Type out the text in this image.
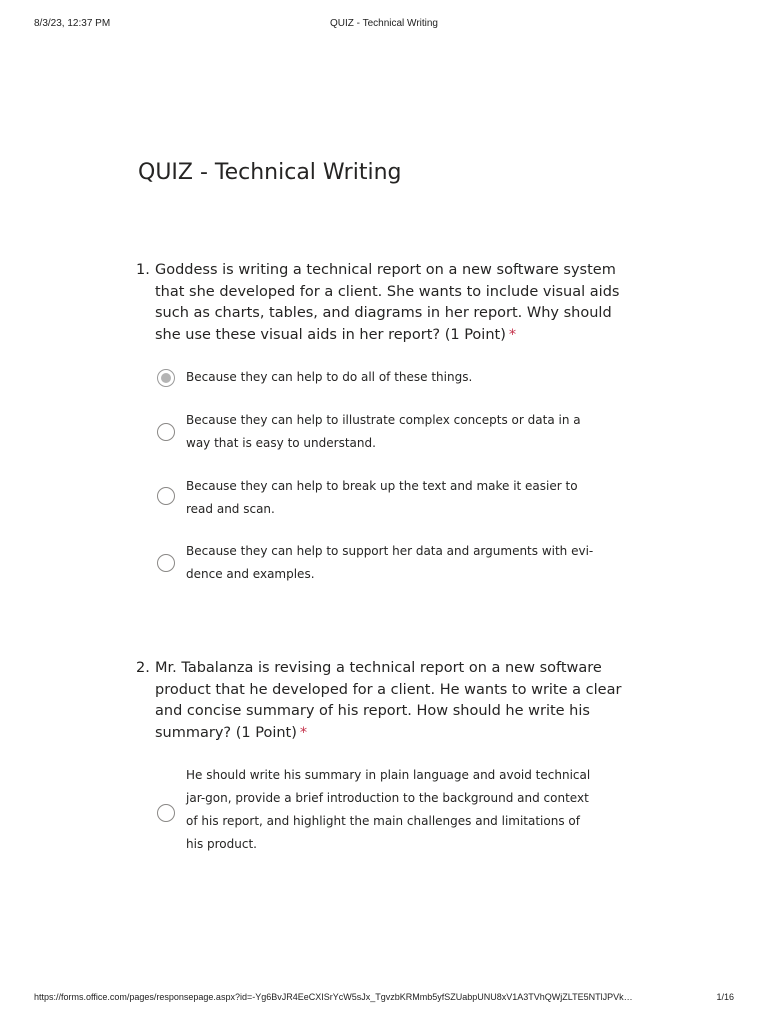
8/3/23, 12:37 PM	QUIZ - Technical Writing
QUIZ - Technical Writing
1. Goddess is writing a technical report on a new software system that she developed for a client. She wants to include visual aids such as charts, tables, and diagrams in her report. Why should she use these visual aids in her report? (1 Point) *
Because they can help to do all of these things.
Because they can help to illustrate complex concepts or data in a way that is easy to understand.
Because they can help to break up the text and make it easier to read and scan.
Because they can help to support her data and arguments with evi-dence and examples.
2. Mr. Tabalanza is revising a technical report on a new software product that he developed for a client. He wants to write a clear and concise summary of his report. How should he write his summary? (1 Point) *
He should write his summary in plain language and avoid technical jar-gon, provide a brief introduction to the background and context of his report, and highlight the main challenges and limitations of his product.
https://forms.office.com/pages/responsepage.aspx?id=-Yg6BvJR4EeCXISrYcW5sJx_TgvzbKRMmb5yfSZUabpUNU8xV1A3TVhQWjZLTE5NTlJPVk…	1/16
